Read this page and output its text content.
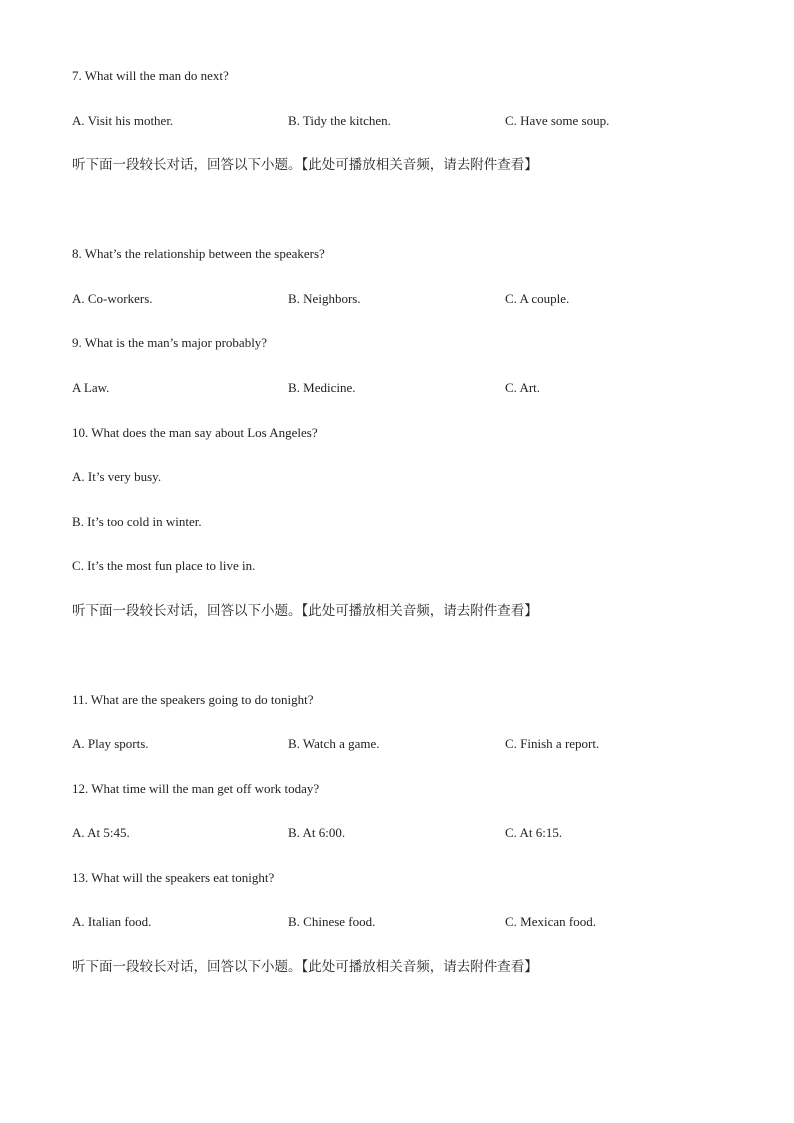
7. What will the man do next?
A. Visit his mother.	B. Tidy the kitchen.	C. Have some soup.
听下面一段较长对话，回答以下小题。【此处可播放相关音频，请去附件查看】
8. What’s the relationship between the speakers?
A. Co-workers.	B. Neighbors.	C. A couple.
9. What is the man’s major probably?
A Law.	B. Medicine.	C. Art.
10. What does the man say about Los Angeles?
A. It’s very busy.
B. It’s too cold in winter.
C. It’s the most fun place to live in.
听下面一段较长对话，回答以下小题。【此处可播放相关音频，请去附件查看】
11. What are the speakers going to do tonight?
A. Play sports.	B. Watch a game.	C. Finish a report.
12. What time will the man get off work today?
A. At 5:45.	B. At 6:00.	C. At 6:15.
13. What will the speakers eat tonight?
A. Italian food.	B. Chinese food.	C. Mexican food.
听下面一段较长对话，回答以下小题。【此处可播放相关音频，请去附件查看】
